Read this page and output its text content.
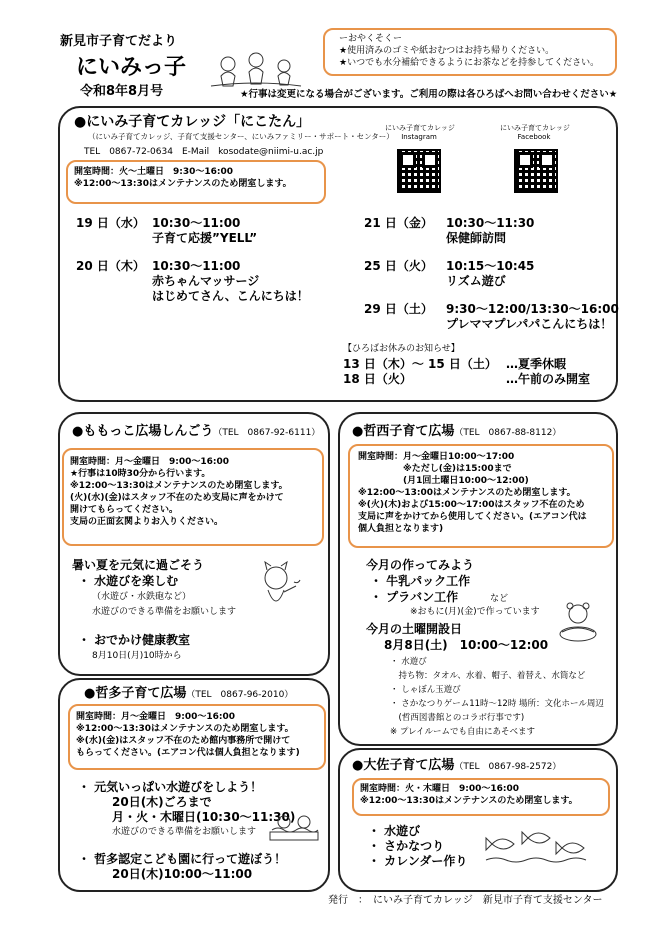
新見市子育てだより
にいみっ子
令和8年8月号
ーおやくそくー
★使用済みのゴミや紙おむつはお持ち帰りください。
★いつでも水分補給できるようにお茶などを持参してください。
★行事は変更になる場合がございます。ご利用の際は各ひろばへお問い合わせください★
●にいみ子育てカレッジ「にこたん」
（にいみ子育てカレッジ、子育て支援センター、にいみファミリー・サポート・センター）
TEL　0867-72-0634　E-Mail　kosodate@niimi-u.ac.jp
にいみ子育てカレッジ
Instagram
にいみ子育てカレッジ
Facebook
開室時間：火～土曜日　9:30～16:00
※12:00～13:30はメンテナンスのため閉室します。
19 日（水） 10:30～11:00
子育て応援”YELL”
20 日（木） 10:30～11:00
赤ちゃんマッサージ
はじめてさん、こんにちは！
21 日（金） 10:30～11:30
保健師訪問
25 日（火） 10:15～10:45
リズム遊び
29 日（土） 9:30～12:00/13:30～16:00
プレママプレパパこんにちは！
【ひろばお休みのお知らせ】
13 日（木）～ 15 日（土） …夏季休暇
18 日（火）	…午前のみ開室
●ももっこ広場しんごう（TEL　0867-92-6111）
開室時間：月～金曜日　9:00～16:00
★行事は10時30分から行います。
※12:00～13:30はメンテナンスのため閉室します。
(火)(水)(金)はスタッフ不在のため支局に声をかけて
開けてもらってください。
支局の正面玄関よりお入りください。
暑い夏を元気に過ごそう
・ 水遊びを楽しむ
（水遊び・水鉄砲など）
水遊びのできる準備をお願いします
・ おでかけ健康教室
8月10日(月)10時から
●哲多子育て広場（TEL　0867-96-2010）
開室時間：月～金曜日　9:00～16:00
※12:00～13:30はメンテナンスのため閉室します。
※(水)(金)はスタッフ不在のため館内事務所で開けて
もらってください。(エアコン代は個人負担となります)
・ 元気いっぱい水遊びをしよう！
20日(木)ごろまで
月・火・木曜日(10:30～11:30)
水遊びのできる準備をお願いします
・ 哲多認定こども園に行って遊ぼう！
20日(木)10:00～11:00
●哲西子育て広場（TEL　0867-88-8112）
開室時間：月～金曜日10:00～17:00
　　　　　※ただし(金)は15:00まで
　　　　　(月1回土曜日10:00～12:00)
※12:00～13:00はメンテナンスのため閉室します。
※(火)(木)および15:00～17:00はスタッフ不在のため
支局に声をかけてから使用してください。(エアコン代は
個人負担となります)
今月の作ってみよう
・ 牛乳パック工作
・ プラバン工作	など
※おもに(月)(金)で作っています
今月の土曜開設日
8月8日(土)　10:00～12:00
・ 水遊び
　持ち物：タオル、水着、帽子、着替え、水筒など
・ しゃぼん玉遊び
・ さかなつりゲーム11時～12時 場所：文化ホール周辺
　(哲西図書館とのコラボ行事です)
※ プレイルームでも自由にあそべます
●大佐子育て広場（TEL　0867-98-2572）
開室時間：火・木曜日　9:00～16:00
※12:00～13:30はメンテナンスのため閉室します。
・ 水遊び
・ さかなつり
・ カレンダー作り
発行　：　にいみ子育てカレッジ　新見市子育て支援センター
